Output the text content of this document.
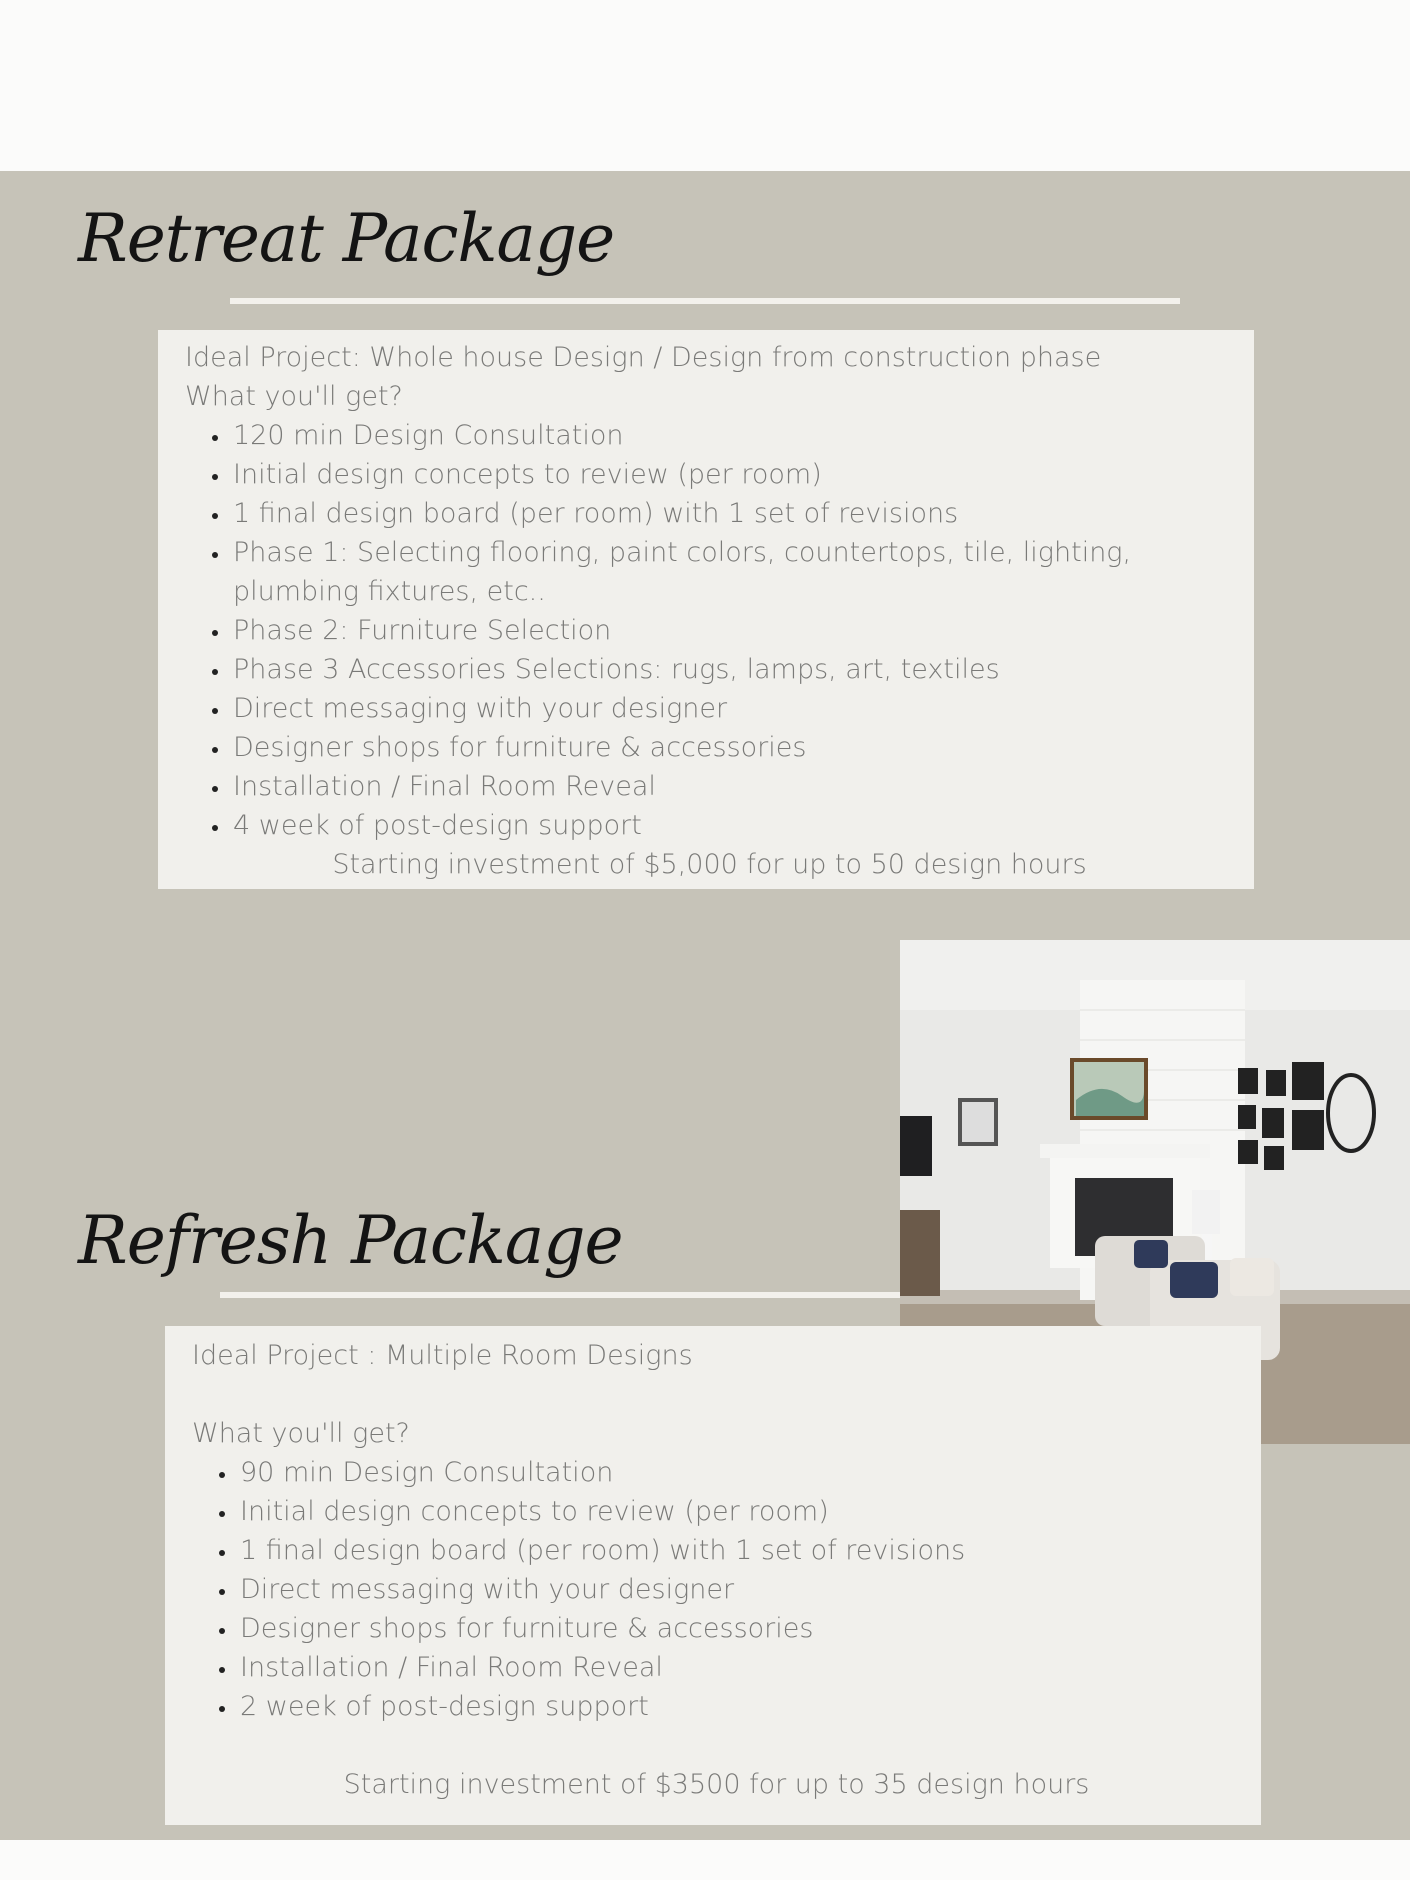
Retreat Package

Ideal Project: Whole house Design / Design from construction phase

What you'll get?

• 120 min Design Consultation
• Initial design concepts to review (per room)
• 1 final design board (per room) with 1 set of revisions
• Phase 1: Selecting flooring, paint colors, countertops, tile, lighting, plumbing fixtures, etc..
• Phase 2: Furniture Selection
• Phase 3 Accessories Selections: rugs, lamps, art, textiles
• Direct messaging with your designer
• Designer shops for furniture & accessories
• Installation / Final Room Reveal
• 4 week of post-design support

Starting investment of $5,000 for up to 50 design hours

Refresh Package

Ideal Project : Multiple Room Designs

What you'll get?

• 90 min Design Consultation
• Initial design concepts to review (per room)
• 1 final design board (per room) with 1 set of revisions
• Direct messaging with your designer
• Designer shops for furniture & accessories
• Installation / Final Room Reveal
• 2 week of post-design support

Starting investment of $3500 for up to 35 design hours
